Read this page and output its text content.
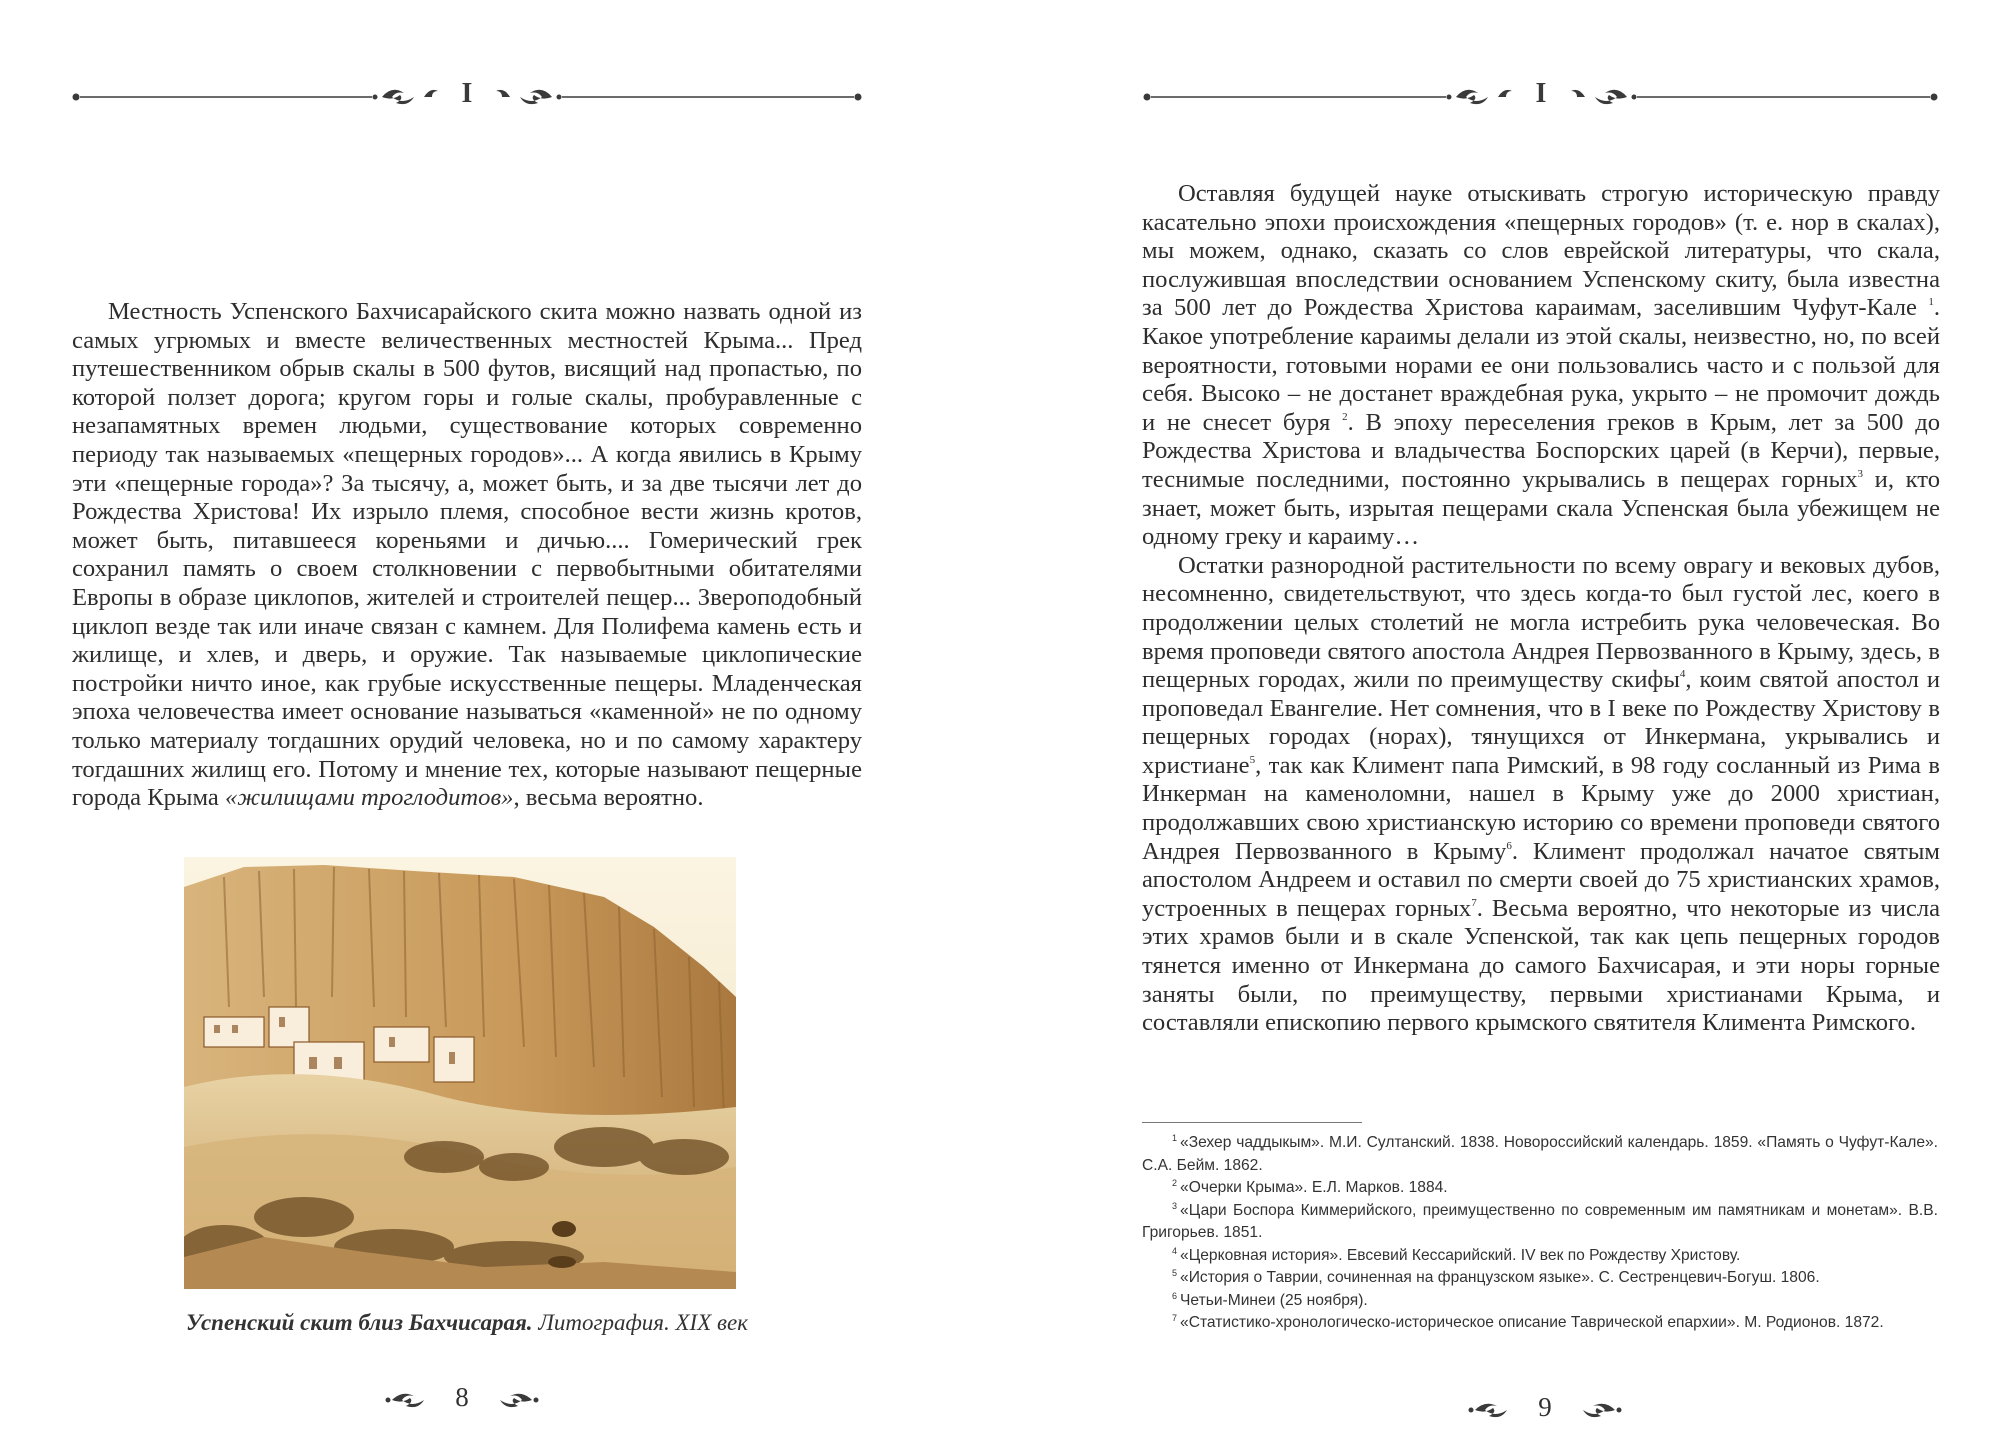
I

Местность Успенского Бахчисарайского скита можно назвать одной из самых угрюмых и вместе величественных местностей Крыма... Пред путешественником обрыв скалы в 500 футов, висящий над пропастью, по которой ползет дорога; кругом горы и голые скалы, пробуравленные с незапамятных времен людьми, существование которых современно периоду так называемых «пещерных городов»... А когда явились в Крыму эти «пещерные города»? За тысячу, а, может быть, и за две тысячи лет до Рождества Христова! Их изрыло племя, способное вести жизнь кротов, может быть, питавшееся кореньями и дичью.... Гомерический грек сохранил память о своем столкновении с первобытными обитателями Европы в образе циклопов, жителей и строителей пещер... Звероподобный циклоп везде так или иначе связан с камнем. Для Полифема камень есть и жилище, и хлев, и дверь, и оружие. Так называемые циклопические постройки ничто иное, как грубые искусственные пещеры. Младенческая эпоха человечества имеет основание называться «каменной» не по одному только материалу тогдашних орудий человека, но и по самому характеру тогдашних жилищ его. Потому и мнение тех, которые называют пещерные города Крыма «жилищами троглодитов», весьма вероятно.

Успенский скит близ Бахчисарая. Литография. XIX век
8
I

Оставляя будущей науке отыскивать строгую историческую правду касательно эпохи происхождения «пещерных городов» (т. е. нор в скалах), мы можем, однако, сказать со слов еврейской литературы, что скала, послужившая впоследствии основанием Успенскому скиту, была известна за 500 лет до Рождества Христова караимам, заселившим Чуфут-Кале $^1$. Какое употребление караимы делали из этой скалы, неизвестно, но, по всей вероятности, готовыми норами ее они пользовались часто и с пользой для себя. Высоко – не достанет враждебная рука, укрыто – не промочит дождь и не снесет буря $^2$. В эпоху переселения греков в Крым, лет за 500 до Рождества Христова и владычества Боспорских царей (в Керчи), первые, теснимые последними, постоянно укрывались в пещерах горных$^3$ и, кто знает, может быть, изрытая пещерами скала Успенская была убежищем не одному греку и караиму…

Остатки разнородной растительности по всему оврагу и вековых дубов, несомненно, свидетельствуют, что здесь когда-то был густой лес, коего в продолжении целых столетий не могла истребить рука человеческая. Во время проповеди святого апостола Андрея Первозванного в Крыму, здесь, в пещерных городах, жили по преимуществу скифы$^4$, коим святой апостол и проповедал Евангелие. Нет сомнения, что в I веке по Рождеству Христову в пещерных городах (норах), тянущихся от Инкермана, укрывались и христиане$^5$, так как Климент папа Римский, в 98 году сосланный из Рима в Инкерман на каменоломни, нашел в Крыму уже до 2000 христиан, продолжавших свою христианскую историю со времени проповеди святого Андрея Первозванного в Крыму$^6$. Климент продолжал начатое святым апостолом Андреем и оставил по смерти своей до 75 христианских храмов, устроенных в пещерах горных$^7$. Весьма вероятно, что некоторые из числа этих храмов были и в скале Успенской, так как цепь пещерных городов тянется именно от Инкермана до самого Бахчисарая, и эти норы горные заняты были, по преимуществу, первыми христианами Крыма, и составляли епископию первого крымского святителя Климента Римского.

$^1$ «Зехер чаддыкым». М.И. Султанский. 1838. Новороссийский календарь. 1859. «Память о Чуфут-Кале». С.А. Бейм. 1862.

$^2$ «Очерки Крыма». Е.Л. Марков. 1884.

$^3$ «Цари Боспора Киммерийского, преимущественно по современным им памятникам и монетам». В.В. Григорьев. 1851.

$^4$ «Церковная история». Евсевий Кессарийский. IV век по Рождеству Христову.

$^5$ «История о Таврии, сочиненная на французском языке». С. Сестренцевич-Богуш. 1806.

$^6$ Четьи-Минеи (25 ноября).

$^7$ «Статистико-хронологическо-историческое описание Таврической епархии». М. Родионов. 1872.

9
